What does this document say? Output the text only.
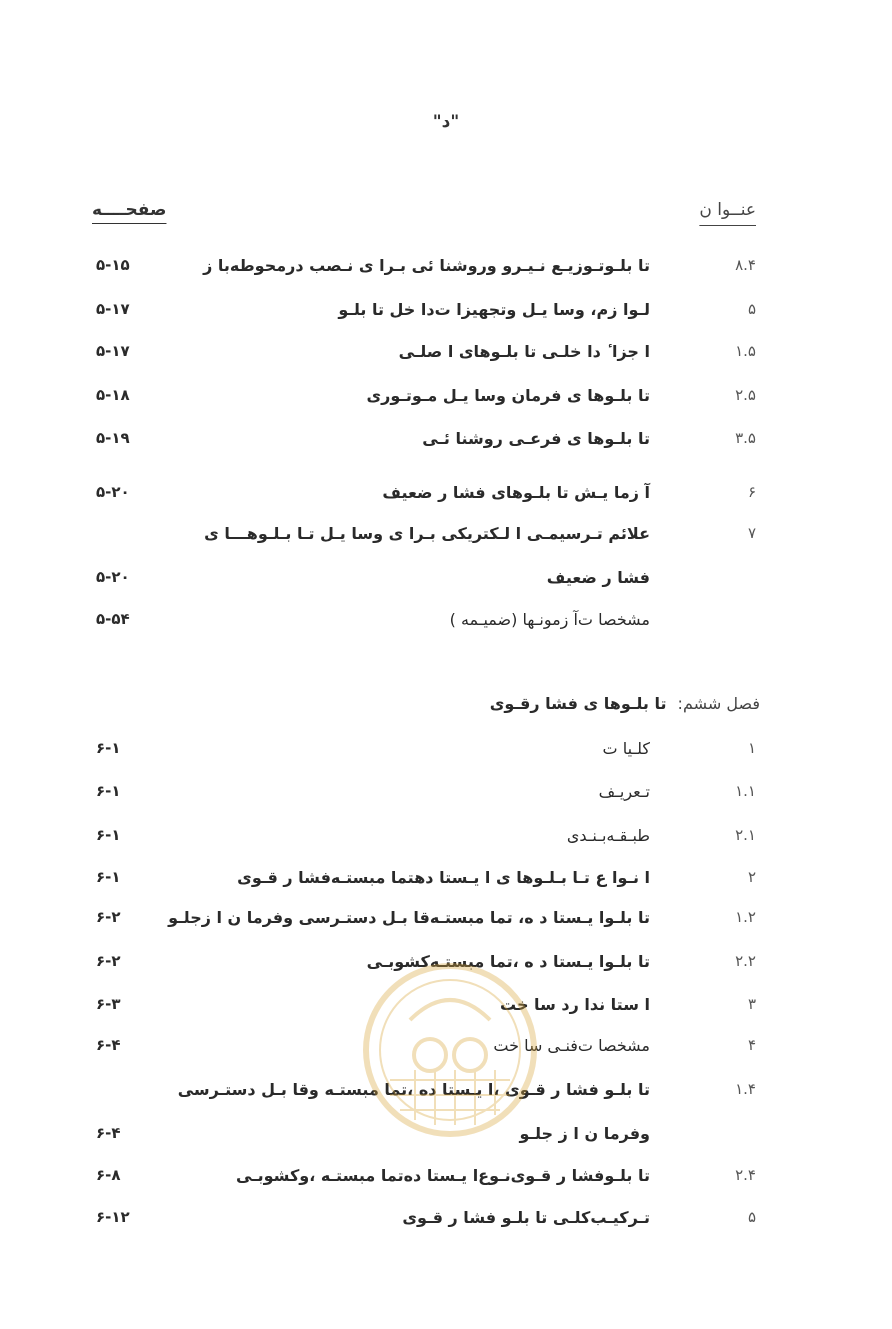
"د"
صفحــــه	عنــوا ن
۵-۱۵	تا بلـوتـوزیـع نـیـرو وروشنا ئی بـرا ی نـصب درمحوطه‌با ز	۸.۴
۵-۱۷	لـوا زم، وسا یـل وتجهیزا ت‌دا خل تا بلـو	۵
۵-۱۷	ا جزا ٔ دا خلـی تا بلـوهای ا صلـی	۱.۵
۵-۱۸	تا بلـوها ی فرمان وسا یـل مـوتـوری	۲.۵
۵-۱۹	تا بلـوها ی فرعـی روشنا ئـی	۳.۵
۵-۲۰	آ زما یـش تا بلـوهای فشا ر ضعیف	۶
علائم تـرسیمـی ا لـکتریکی بـرا ی وسا یـل تـا بـلـوهـــا ی	۷
۵-۲۰	فشا ر ضعیف
۵-۵۴	مشخصا ت‌آ زمونـها (ضمیـمه )
فصل ششم: تا بلـوها ی فشا رقـوی
۶-۱	کلـیا ت	۱
۶-۱	تـعریـف	۱.۱
۶-۱	طبـقـه‌بـنـدی	۲.۱
۶-۱	ا نـوا ع تـا بـلـوها ی ا یـستا دهتما مبستـه‌فشا ر قـوی	۲
۶-۲	تا بلـوا یـستا د ه، تما مبستـه‌قا بـل دستـرسی وفرما ن ا زجلـو	۱.۲
۶-۲	تا بلـوا یـستا د ه ،تما مبستـه‌کشوبـی	۲.۲
۶-۳	ا ستا ندا رد سا خت	۳
۶-۴	مشخصا ت‌فنـی سا خت	۴
تا بلـو فشا ر قـوی ،ا یـستا ده ،تما مبستـه وقا بـل دستـرسی	۱.۴
۶-۴	وفرما ن ا ز جلـو
۶-۸	تا بلـوفشا ر قـوی‌نـوع‌ا یـستا ده‌تما مبستـه ،وکشوبـی	۲.۴
۶-۱۲	تـرکیـب‌کلـی تا بلـو فشا ر قـوی	۵
